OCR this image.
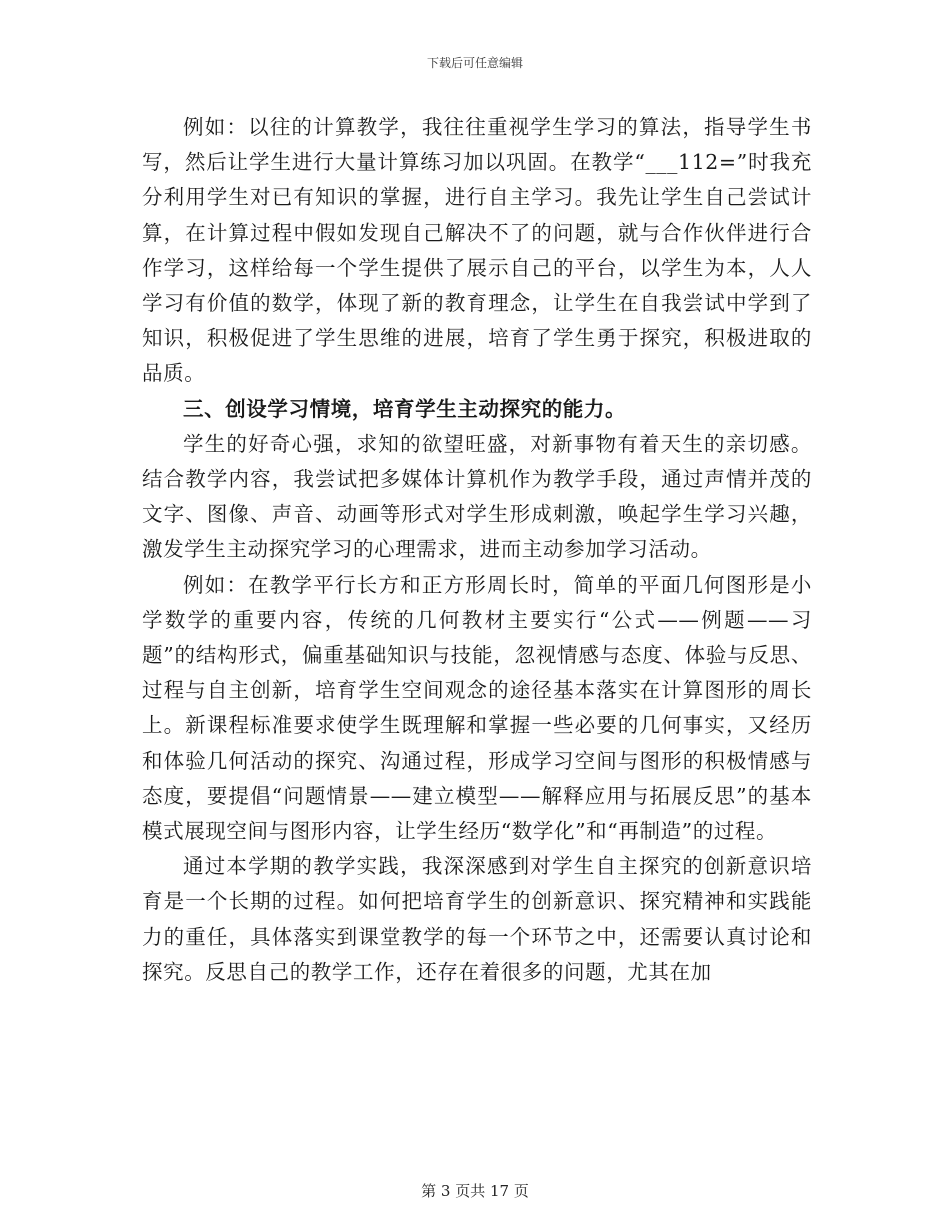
下载后可任意编辑

例如：以往的计算教学，我往往重视学生学习的算法，指导学生书写，然后让学生进行大量计算练习加以巩固。在教学“___112=”时我充分利用学生对已有知识的掌握，进行自主学习。我先让学生自己尝试计算，在计算过程中假如发现自己解决不了的问题，就与合作伙伴进行合作学习，这样给每一个学生提供了展示自己的平台，以学生为本，人人学习有价值的数学，体现了新的教育理念，让学生在自我尝试中学到了知识，积极促进了学生思维的进展，培育了学生勇于探究，积极进取的品质。

三、创设学习情境，培育学生主动探究的能力。

学生的好奇心强，求知的欲望旺盛，对新事物有着天生的亲切感。结合教学内容，我尝试把多媒体计算机作为教学手段，通过声情并茂的文字、图像、声音、动画等形式对学生形成刺激，唤起学生学习兴趣，激发学生主动探究学习的心理需求，进而主动参加学习活动。

例如：在教学平行长方和正方形周长时，简单的平面几何图形是小学数学的重要内容，传统的几何教材主要实行“公式——例题——习题”的结构形式，偏重基础知识与技能，忽视情感与态度、体验与反思、过程与自主创新，培育学生空间观念的途径基本落实在计算图形的周长上。新课程标准要求使学生既理解和掌握一些必要的几何事实，又经历和体验几何活动的探究、沟通过程，形成学习空间与图形的积极情感与态度，要提倡“问题情景——建立模型——解释应用与拓展反思”的基本模式展现空间与图形内容，让学生经历“数学化”和“再制造”的过程。

通过本学期的教学实践，我深深感到对学生自主探究的创新意识培育是一个长期的过程。如何把培育学生的创新意识、探究精神和实践能力的重任，具体落实到课堂教学的每一个环节之中，还需要认真讨论和探究。反思自己的教学工作，还存在着很多的问题，尤其在加

第 3 页共 17 页
